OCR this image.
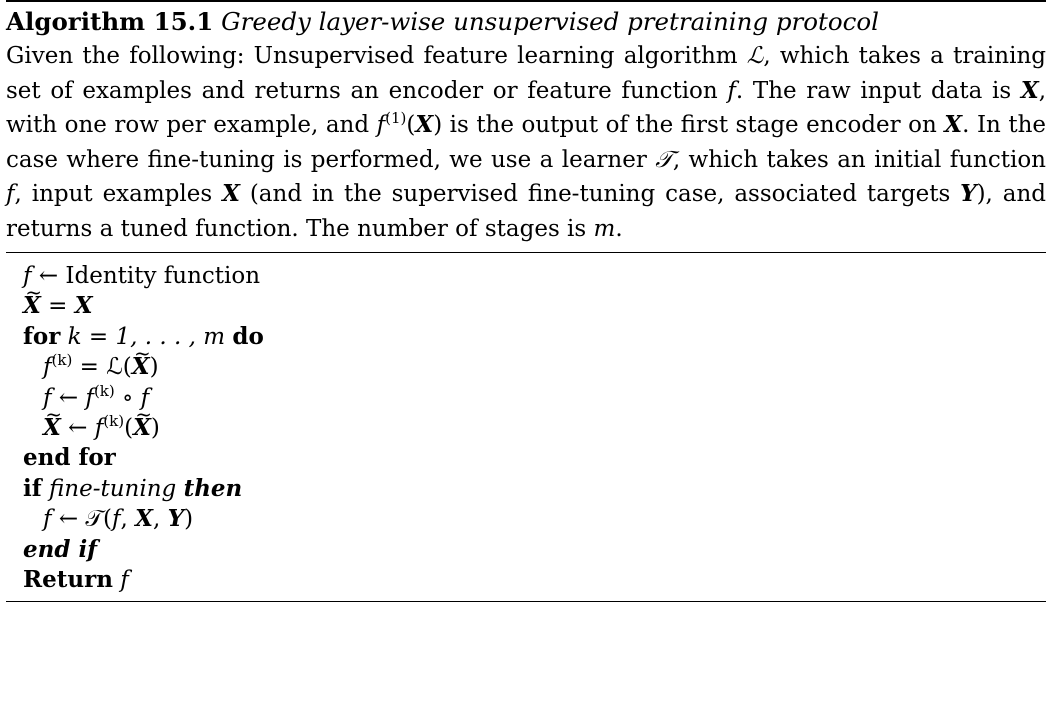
Algorithm 15.1 Greedy layer-wise unsupervised pretraining protocol
Given the following: Unsupervised feature learning algorithm ℒ, which takes a training set of examples and returns an encoder or feature function f. The raw input data is X, with one row per example, and $f^{(1)}(X)$ is the output of the first stage encoder on X. In the case where fine-tuning is performed, we use a learner 𝒯, which takes an initial function f, input examples X (and in the supervised fine-tuning case, associated targets Y), and returns a tuned function. The number of stages is m.
f ← Identity function
~ X = X
for k = 1, . . . , m do
$f^{(k)}$ = ℒ(~ X)
f ← $f^{(k)}$ ∘ f
~ X ← $f^{(k)}(\sim$ X)
end for
if fine-tuning then
f ← 𝒯(f, X, Y)
end if
Return f
